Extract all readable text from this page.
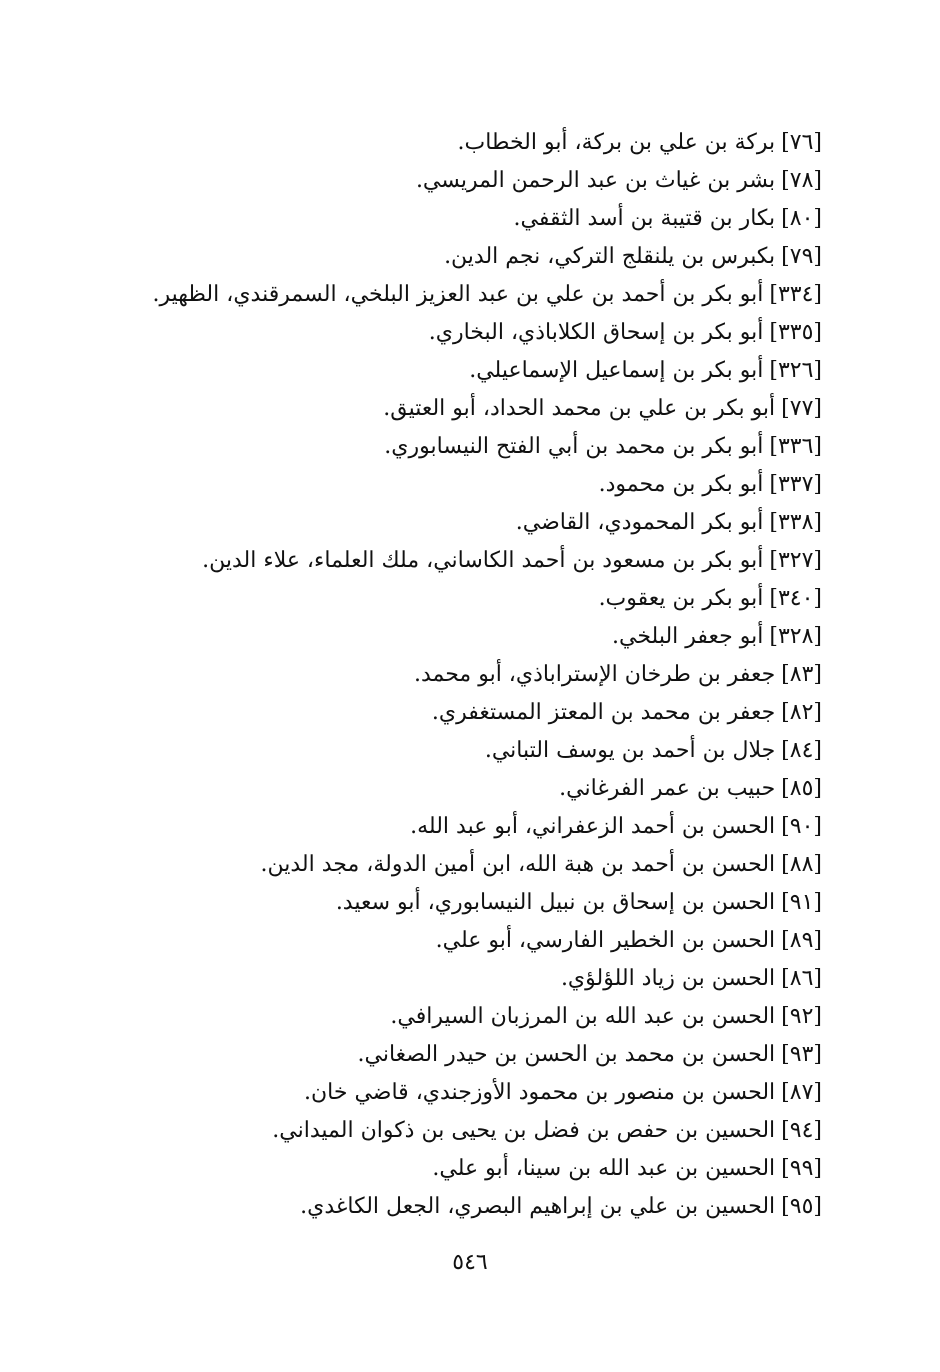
[٧٦]بركة بن علي بن بركة، أبو الخطاب.
[٧٨]بشر بن غياث بن عبد الرحمن المريسي.
[٨٠]بكار بن قتيبة بن أسد الثقفي.
[٧٩]بكبرس بن يلنقلج التركي، نجم الدين.
[٣٣٤]أبو بكر بن أحمد بن علي بن عبد العزيز البلخي، السمرقندي، الظهير.
[٣٣٥]أبو بكر بن إسحاق الكلاباذي، البخاري.
[٣٢٦]أبو بكر بن إسماعيل الإسماعيلي.
[٧٧]أبو بكر بن علي بن محمد الحداد، أبو العتيق.
[٣٣٦]أبو بكر بن محمد بن أبي الفتح النيسابوري.
[٣٣٧]أبو بكر بن محمود.
[٣٣٨]أبو بكر المحمودي، القاضي.
[٣٢٧]أبو بكر بن مسعود بن أحمد الكاساني، ملك العلماء، علاء الدين.
[٣٤٠]أبو بكر بن يعقوب.
[٣٢٨]أبو جعفر البلخي.
[٨٣]جعفر بن طرخان الإستراباذي، أبو محمد.
[٨٢]جعفر بن محمد بن المعتز المستغفري.
[٨٤]جلال بن أحمد بن يوسف التباني.
[٨٥]حبيب بن عمر الفرغاني.
[٩٠]الحسن بن أحمد الزعفراني، أبو عبد الله.
[٨٨]الحسن بن أحمد بن هبة الله، ابن أمين الدولة، مجد الدين.
[٩١]الحسن بن إسحاق بن نبيل النيسابوري، أبو سعيد.
[٨٩]الحسن بن الخطير الفارسي، أبو علي.
[٨٦]الحسن بن زياد اللؤلؤي.
[٩٢]الحسن بن عبد الله بن المرزبان السيرافي.
[٩٣]الحسن بن محمد بن الحسن بن حيدر الصغاني.
[٨٧]الحسن بن منصور بن محمود الأوزجندي، قاضي خان.
[٩٤]الحسين بن حفص بن فضل بن يحيى بن ذكوان الميداني.
[٩٩]الحسين بن عبد الله بن سينا، أبو علي.
[٩٥]الحسين بن علي بن إبراهيم البصري، الجعل الكاغدي.
٥٤٦
